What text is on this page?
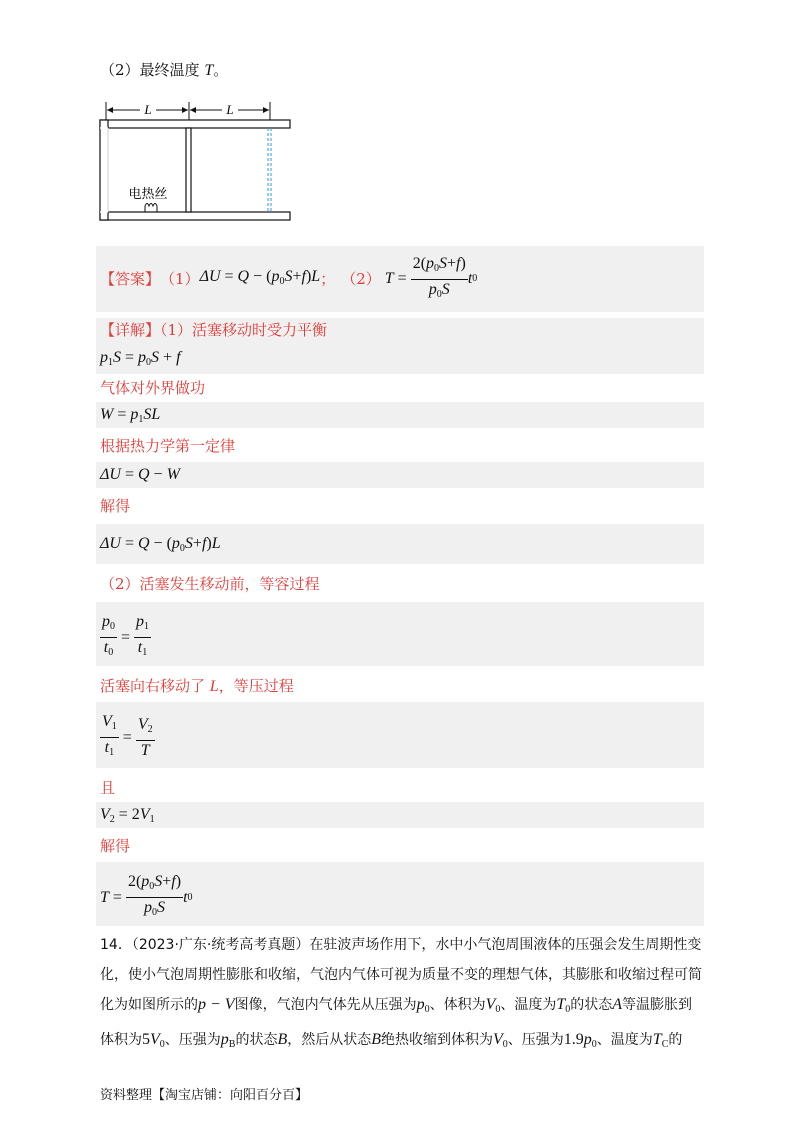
（2）最终温度 T。
L	L
电热丝
【答案】 （1） $\Delta U = Q - (p_0S+f)L$ ； （2） $T = \frac{2(p_0S+f)}{p_0S}$ t 0
【详解】（1）活塞移动时受力平衡
$p_1S = p_0S + f$
气体对外界做功
$W = p_1SL$
根据热力学第一定律
ΔU = Q − W
解得
$\Delta U = Q - (p_0S+f)L$
（2）活塞发生移动前，等容过程
$\frac{p_0}{t_0} = \frac{p_1}{t_1}$
活塞向右移动了 L，等压过程
$\frac{V_1}{t_1} = \frac{V_2}{T}$
且
$V_2 = 2V_1$
解得
$T = \frac{2(p_0S+f)}{p_0S}$ t 0
14．（2023·广东·统考高考真题）在驻波声场作用下，水中小气泡周围液体的压强会发生周期性变
化，使小气泡周期性膨胀和收缩，气泡内气体可视为质量不变的理想气体，其膨胀和收缩过程可简
化为如图所示的p − V图像，气泡内气体先从压强为$p_0$、体积为$V_0$、温度为$T_0$的状态A等温膨胀到
体积为$5V_0$、压强为$p_B$的状态B，然后从状态B绝热收缩到体积为$V_0$、压强为$1.9p_0$、温度为$T_C$的
资料整理【淘宝店铺：向阳百分百】
